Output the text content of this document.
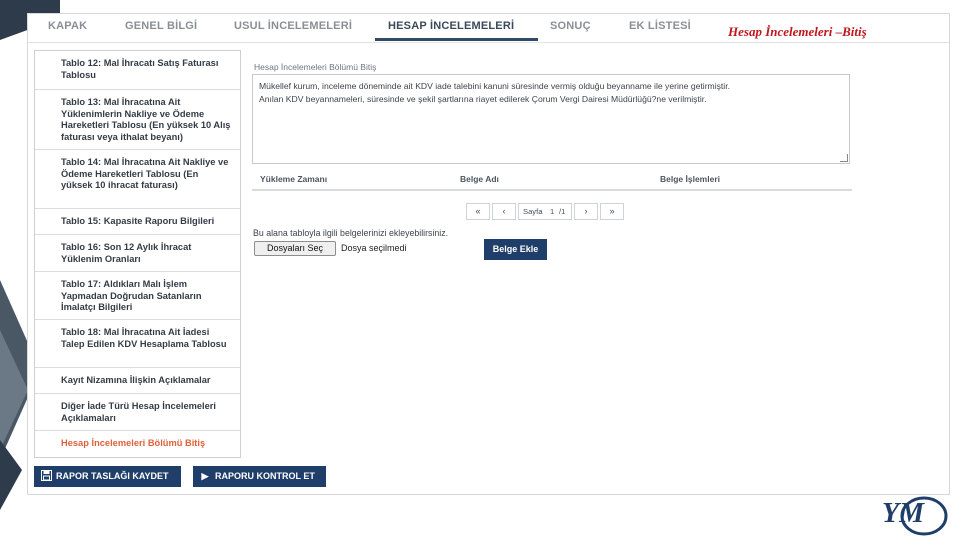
KAPAK	GENEL BİLGİ	USUL İNCELEMELERİ	HESAP İNCELEMELERİ	SONUÇ	EK LİSTESİ	Hesap İncelemeleri –Bitiş
Tablo 12: Mal İhracatı Satış Faturası Tablosu
Tablo 13: Mal İhracatına Ait Yüklenimlerin Nakliye ve Ödeme Hareketleri Tablosu (En yüksek 10 Alış faturası veya ithalat beyanı)
Tablo 14: Mal İhracatına Ait Nakliye ve Ödeme Hareketleri Tablosu (En yüksek 10 ihracat faturası)
Tablo 15: Kapasite Raporu Bilgileri
Tablo 16: Son 12 Aylık İhracat Yüklenim Oranları
Tablo 17: Aldıkları Malı İşlem Yapmadan Doğrudan Satanların İmalatçı Bilgileri
Tablo 18: Mal İhracatına Ait İadesi Talep Edilen KDV Hesaplama Tablosu
Kayıt Nizamına İlişkin Açıklamalar
Diğer İade Türü Hesap İncelemeleri Açıklamaları
Hesap İncelemeleri Bölümü Bitiş
Hesap İncelemeleri Bölümü Bitiş

Mükellef kurum, inceleme döneminde ait KDV iade talebini kanuni süresinde vermiş olduğu beyanname ile yerine getirmiştir.

Anılan KDV beyannameleri, süresinde ve şekil şartlarına riayet edilerek Çorum Vergi Dairesi Müdürlüğü?ne verilmiştir.

Yükleme Zamanı	Belge Adı	Belge İşlemleri
«	‹	Sayfa 1 /1	›	»
Bu alana tabloyla ilgili belgelerinizi ekleyebilirsiniz.
Dosyaları Seç	Dosya seçilmedi	Belge Ekle
RAPOR TASLAĞI KAYDET	▶ RAPORU KONTROL ET
YM
